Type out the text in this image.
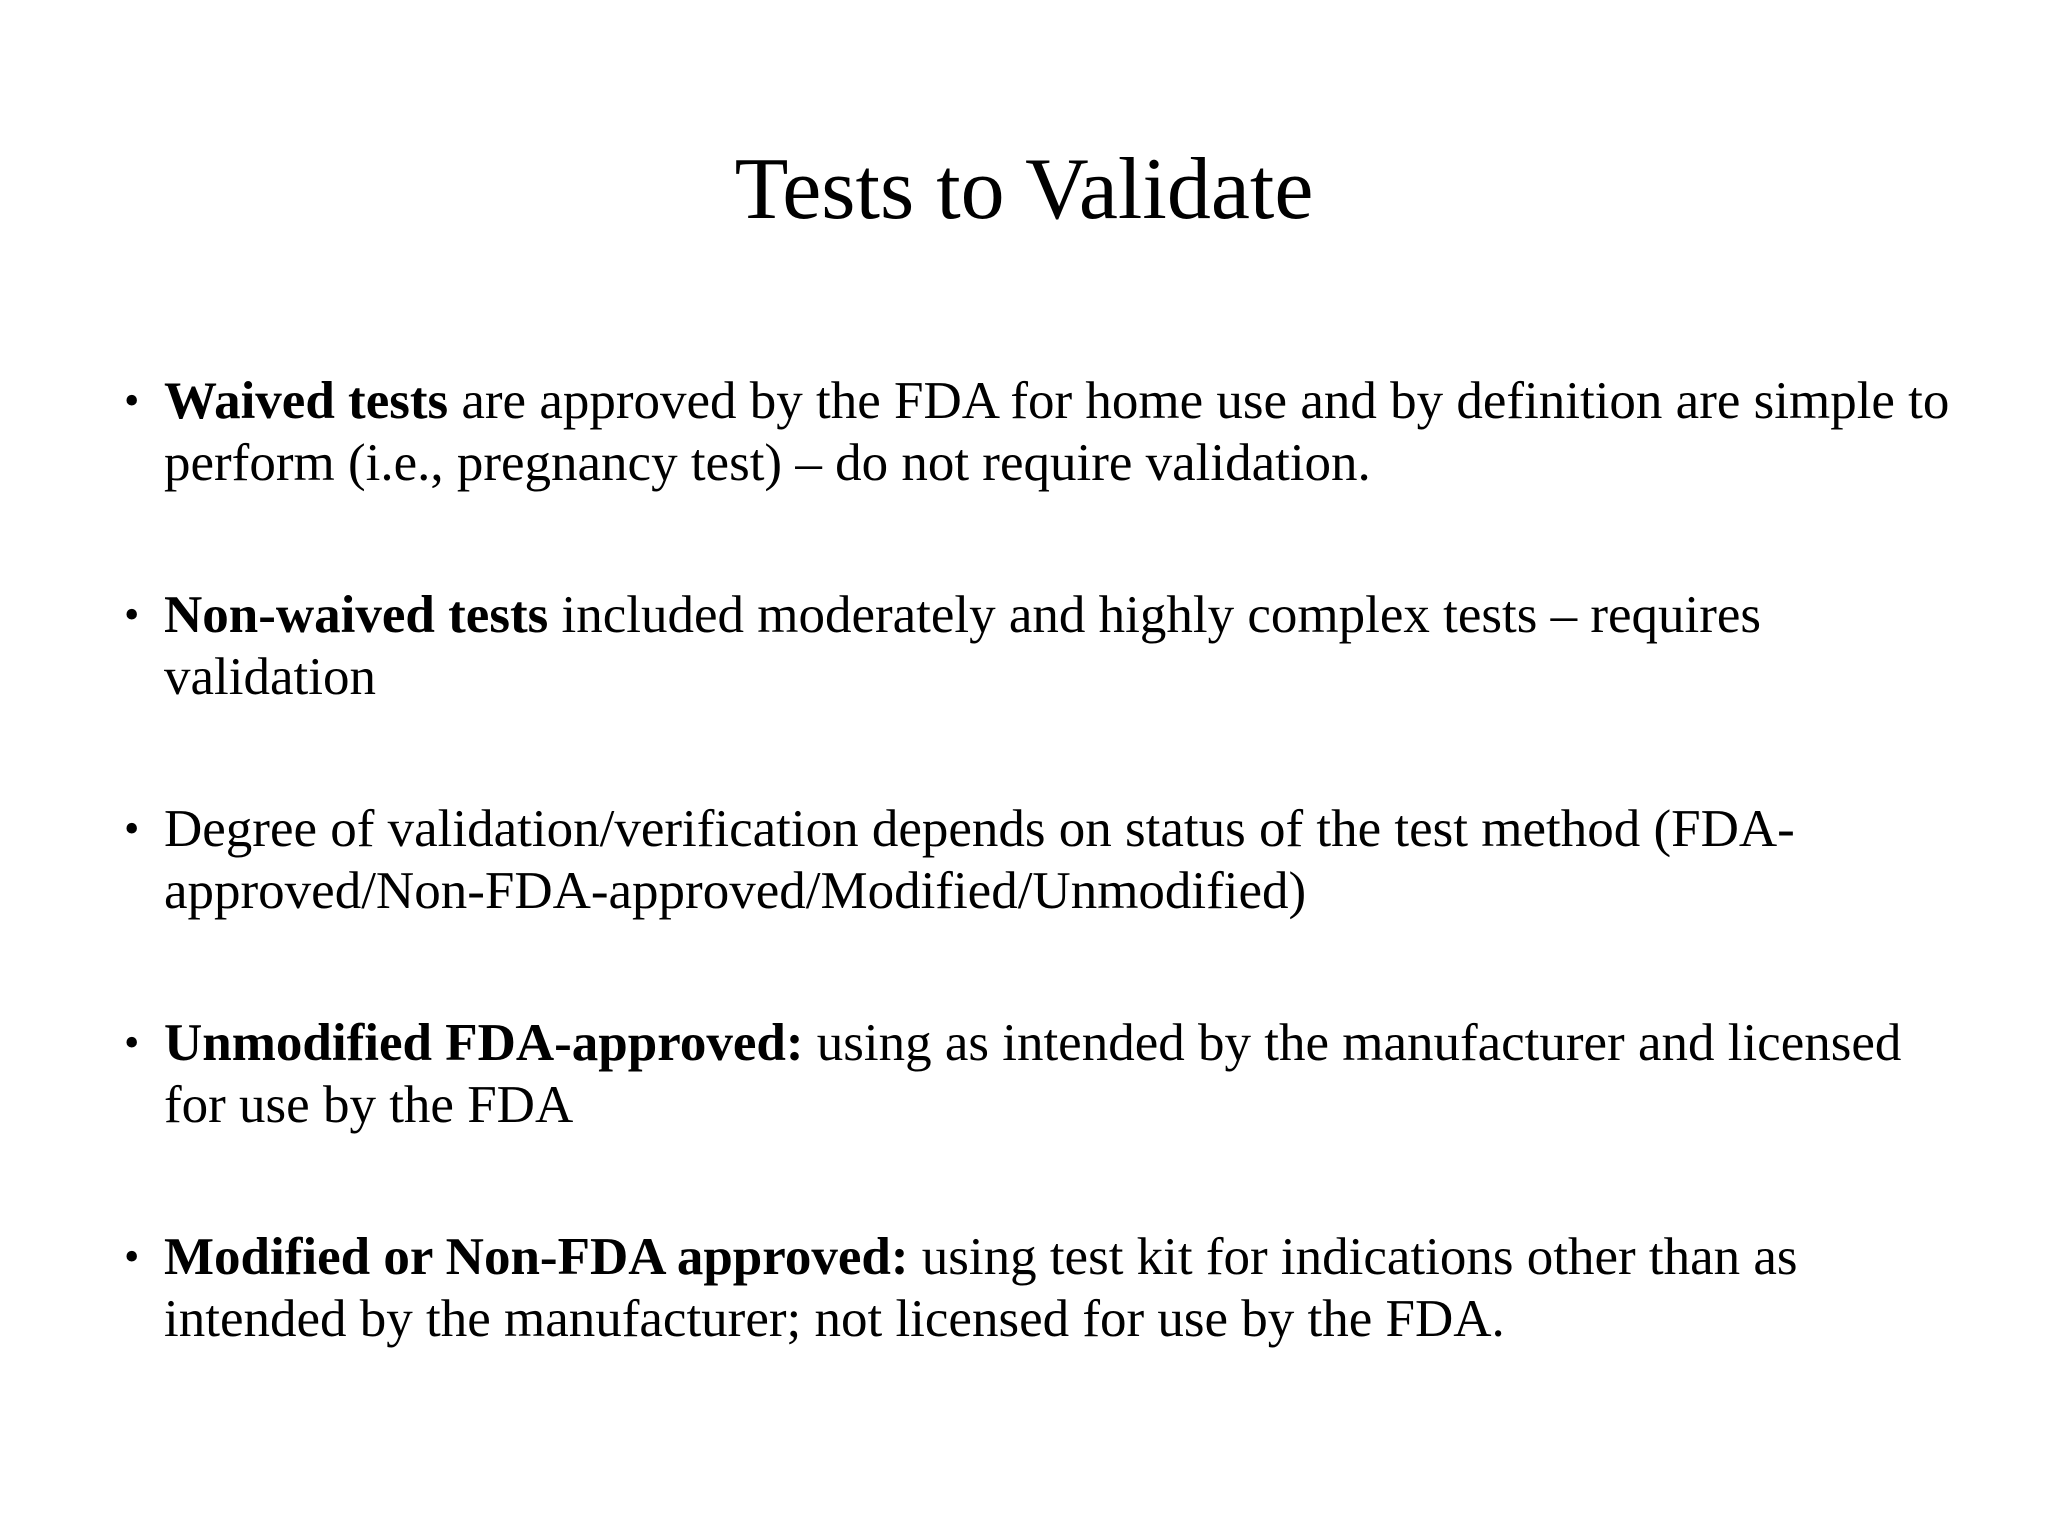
Tests to Validate
• Waived tests are approved by the FDA for home use and by definition are simple to perform (i.e., pregnancy test) – do not require validation.
• Non-waived tests included moderately and highly complex tests – requires validation
• Degree of validation/verification depends on status of the test method (FDA-approved/Non-FDA-approved/Modified/Unmodified)
• Unmodified FDA-approved: using as intended by the manufacturer and licensed for use by the FDA
• Modified or Non-FDA approved: using test kit for indications other than as intended by the manufacturer; not licensed for use by the FDA.
